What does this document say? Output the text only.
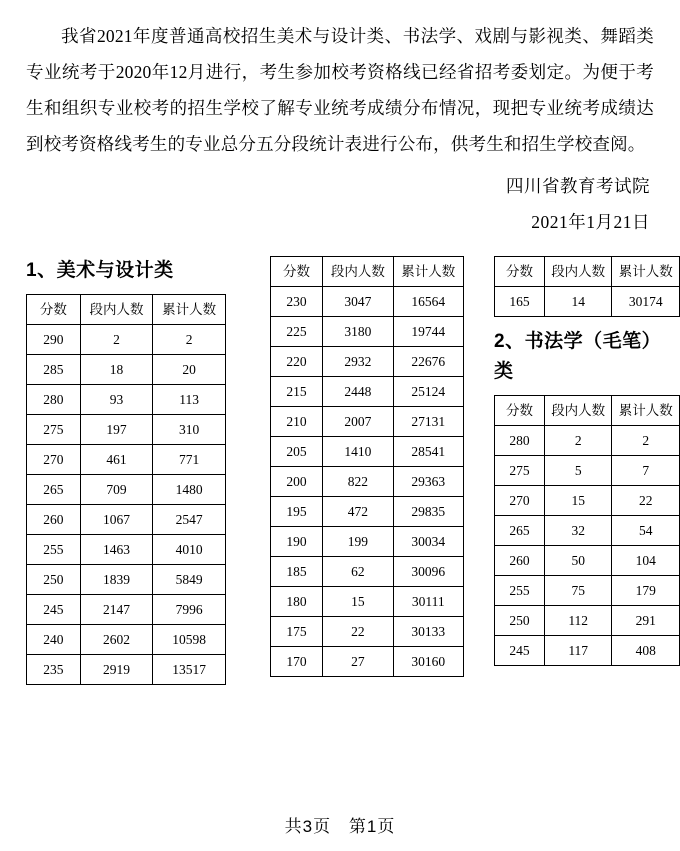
我省2021年度普通高校招生美术与设计类、书法学、戏剧与影视类、舞蹈类专业统考于2020年12月进行，考生参加校考资格线已经省招考委划定。为便于考生和组织专业校考的招生学校了解专业统考成绩分布情况，现把专业统考成绩达到校考资格线考生的专业总分五分段统计表进行公布，供考生和招生学校查阅。

四川省教育考试院
2021年1月21日
1、美术与设计类
分数	段内人数	累计人数
290	2	2
285	18	20
280	93	113
275	197	310
270	461	771
265	709	1480
260	1067	2547
255	1463	4010
250	1839	5849
245	2147	7996
240	2602	10598
235	2919	13517
分数	段内人数	累计人数
230	3047	16564
225	3180	19744
220	2932	22676
215	2448	25124
210	2007	27131
205	1410	28541
200	822	29363
195	472	29835
190	199	30034
185	62	30096
180	15	30111
175	22	30133
170	27	30160
分数	段内人数	累计人数
165	14	30174
2、书法学（毛笔）类
分数	段内人数	累计人数
280	2	2
275	5	7
270	15	22
265	32	54
260	50	104
255	75	179
250	112	291
245	117	408
共3页 第1页
